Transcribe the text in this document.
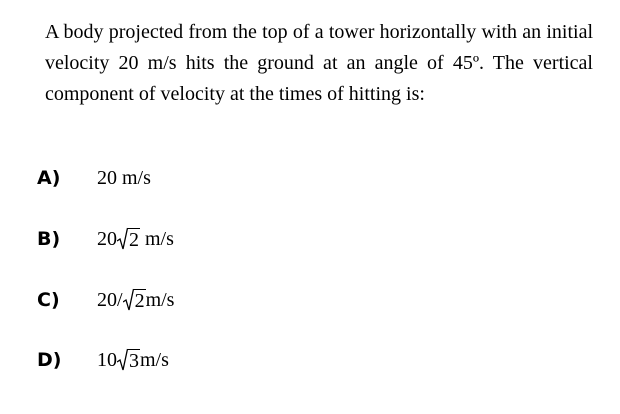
A body projected from the top of a tower horizontally with an initial velocity 20 m/s hits the ground at an angle of 45º. The vertical component of velocity at the times of hitting is:

A)	20 m/s
B)	20 2 m/s
C)	20/ 2 m/s
D)	10 3 m/s
